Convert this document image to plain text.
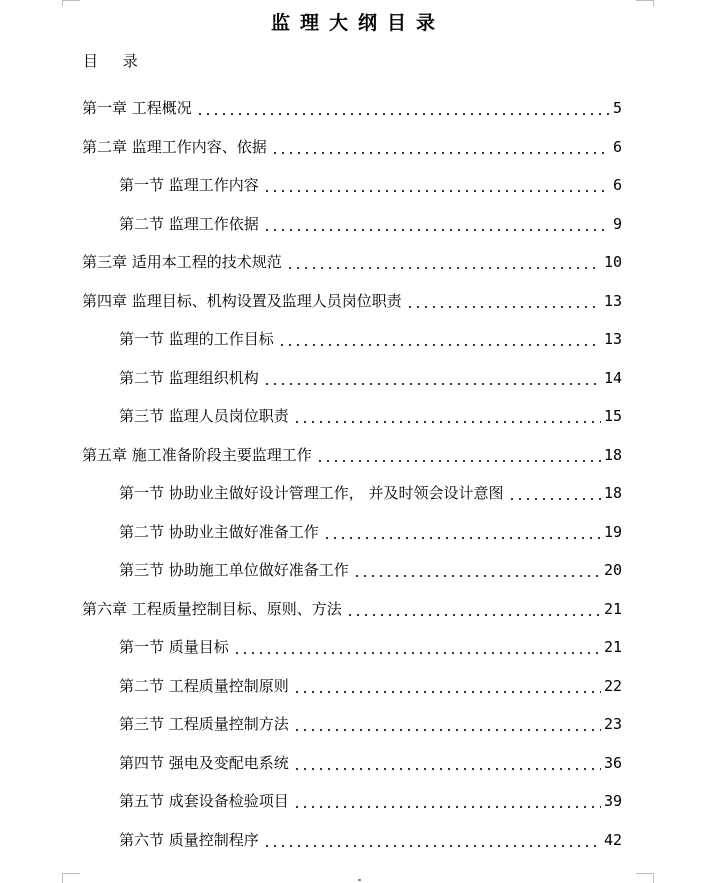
监理大纲目录
目 录
第一章 工程概况	5
第二章 监理工作内容、依据	6
第一节 监理工作内容	6
第二节 监理工作依据	9
第三章 适用本工程的技术规范	10
第四章 监理目标、机构设置及监理人员岗位职责	13
第一节 监理的工作目标	13
第二节 监理组织机构	14
第三节 监理人员岗位职责	15
第五章 施工准备阶段主要监理工作	18
第一节 协助业主做好设计管理工作， 并及时领会设计意图	18
第二节 协助业主做好准备工作	19
第三节 协助施工单位做好准备工作	20
第六章 工程质量控制目标、原则、方法	21
第一节 质量目标	21
第二节 工程质量控制原则	22
第三节 工程质量控制方法	23
第四节 强电及变配电系统	36
第五节 成套设备检验项目	39
第六节 质量控制程序	42
